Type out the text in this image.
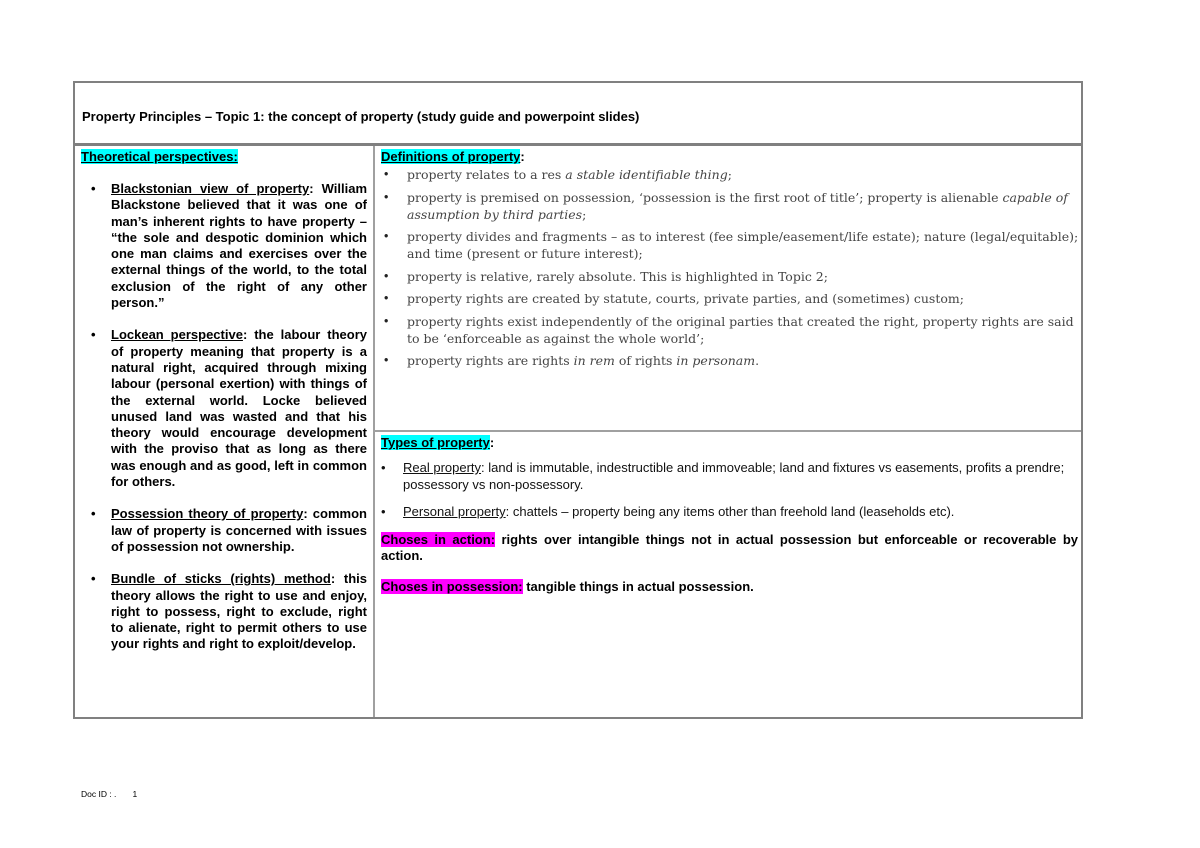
Property Principles – Topic 1: the concept of property (study guide and powerpoint slides)
Theoretical perspectives:
• Blackstonian view of property: William Blackstone believed that it was one of man’s inherent rights to have property – “the sole and despotic dominion which one man claims and exercises over the external things of the world, to the total exclusion of the right of any other person.”
• Lockean perspective: the labour theory of property meaning that property is a natural right, acquired through mixing labour (personal exertion) with things of the external world. Locke believed unused land was wasted and that his theory would encourage development with the proviso that as long as there was enough and as good, left in common for others.
• Possession theory of property: common law of property is concerned with issues of possession not ownership.
• Bundle of sticks (rights) method: this theory allows the right to use and enjoy, right to possess, right to exclude, right to alienate, right to permit others to use your rights and right to exploit/develop.
Definitions of property:
• property relates to a res a stable identifiable thing;
• property is premised on possession, ‘possession is the first root of title’; property is alienable capable of assumption by third parties;
• property divides and fragments – as to interest (fee simple/easement/life estate); nature (legal/equitable); and time (present or future interest);
• property is relative, rarely absolute. This is highlighted in Topic 2;
• property rights are created by statute, courts, private parties, and (sometimes) custom;
• property rights exist independently of the original parties that created the right, property rights are said to be ‘enforceable as against the whole world’;
• property rights are rights in rem of rights in personam.
Types of property:
• Real property: land is immutable, indestructible and immoveable; land and fixtures vs easements, profits a prendre; possessory vs non-possessory.
• Personal property: chattels – property being any items other than freehold land (leaseholds etc).
Choses in action: rights over intangible things not in actual possession but enforceable or recoverable by action.
Choses in possession: tangible things in actual possession.
Doc ID : . 1
